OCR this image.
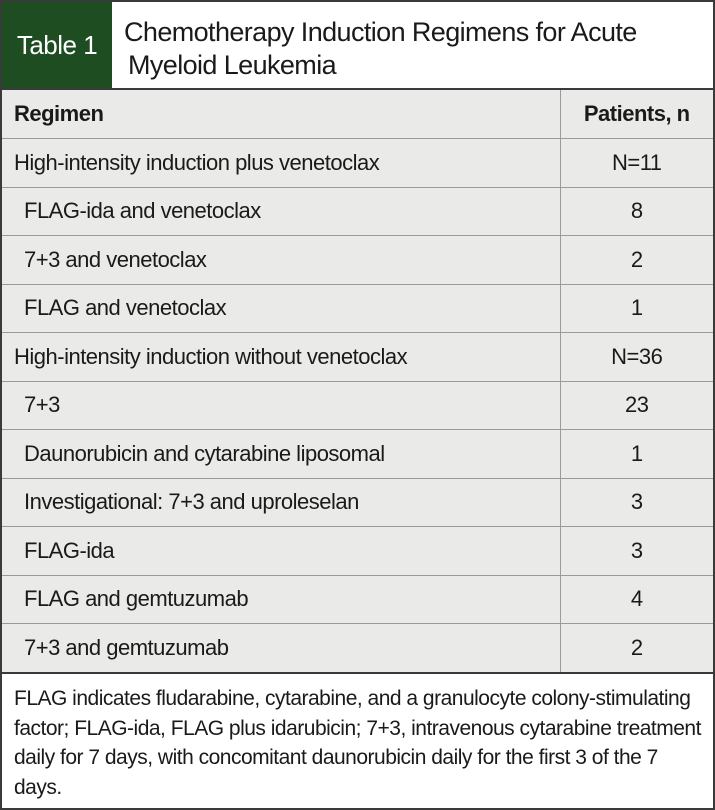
Table 1 Chemotherapy Induction Regimens for Acute
Myeloid Leukemia
Regimen	Patients, n
High-intensity induction plus venetoclax	N=11
FLAG-ida and venetoclax	8
7+3 and venetoclax	2
FLAG and venetoclax	1
High-intensity induction without venetoclax	N=36
7+3	23
Daunorubicin and cytarabine liposomal	1
Investigational: 7+3 and uproleselan	3
FLAG-ida	3
FLAG and gemtuzumab	4
7+3 and gemtuzumab	2
FLAG indicates fludarabine, cytarabine, and a granulocyte colony-stimulating factor; FLAG-ida, FLAG plus idarubicin; 7+3, intravenous cytarabine treatment daily for 7 days, with concomitant daunorubicin daily for the first 3 of the 7 days.
